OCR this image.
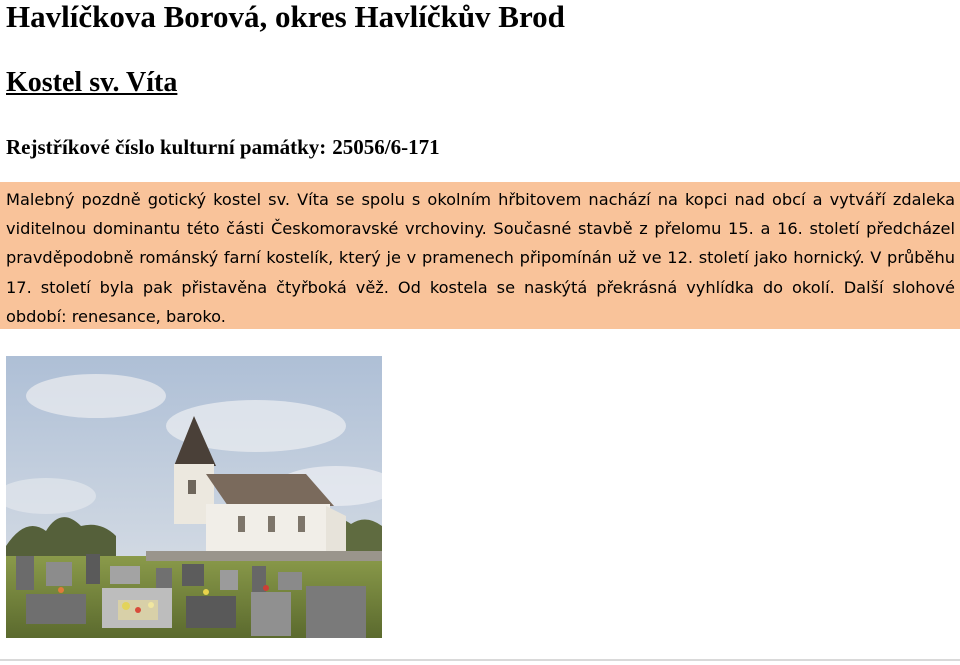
Havlíčkova Borová, okres Havlíčkův Brod
Kostel sv. Víta

Rejstříkové číslo kulturní památky: 25056/6-171

Malebný pozdně gotický kostel sv. Víta se spolu s okolním hřbitovem nachází na kopci nad obcí a vytváří zdaleka viditelnou dominantu této části Českomoravské vrchoviny. Současné stavbě z přelomu 15. a 16. století předcházel pravděpodobně románský farní kostelík, který je v pramenech připomínán už ve 12. století jako hornický. V průběhu 17. století byla pak přistavěna čtyřboká věž. Od kostela se naskýtá překrásná vyhlídka do okolí. Další slohové období: renesance, baroko.
